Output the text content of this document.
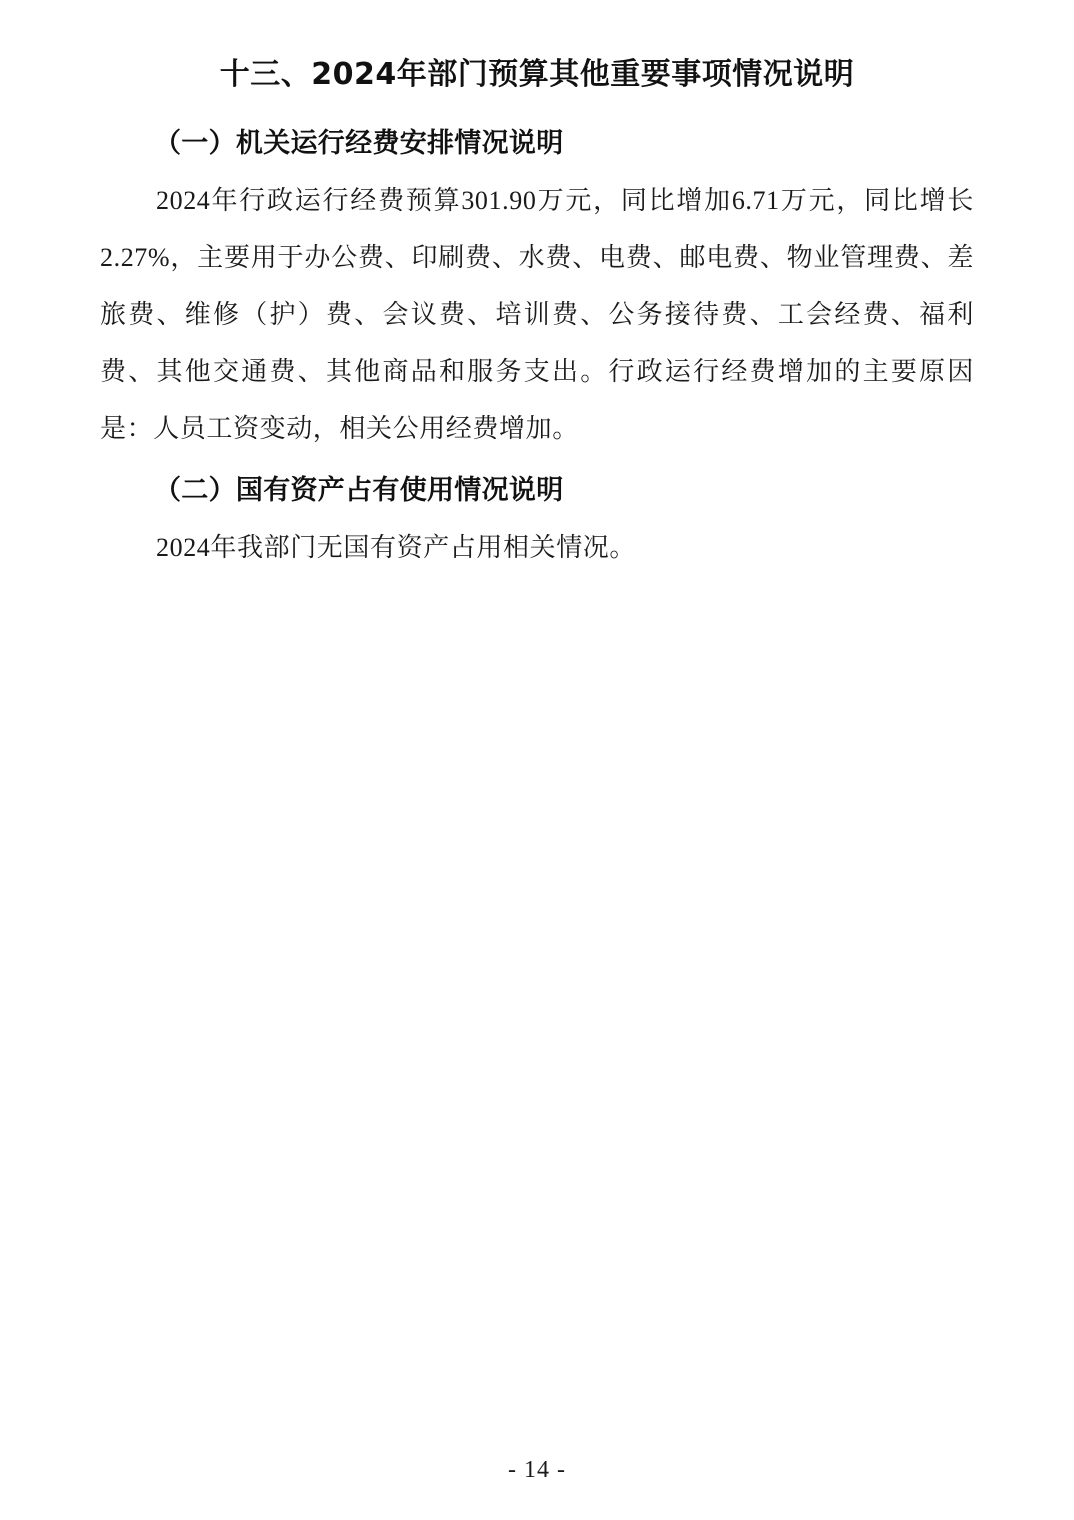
十三、2024年部门预算其他重要事项情况说明
（一）机关运行经费安排情况说明

2024年行政运行经费预算301.90万元，同比增加6.71万元，同比增长2.27%，主要用于办公费、印刷费、水费、电费、邮电费、物业管理费、差旅费、维修（护）费、会议费、培训费、公务接待费、工会经费、福利费、其他交通费、其他商品和服务支出。行政运行经费增加的主要原因是：人员工资变动，相关公用经费增加。

（二）国有资产占有使用情况说明

2024年我部门无国有资产占用相关情况。

- 14 -
